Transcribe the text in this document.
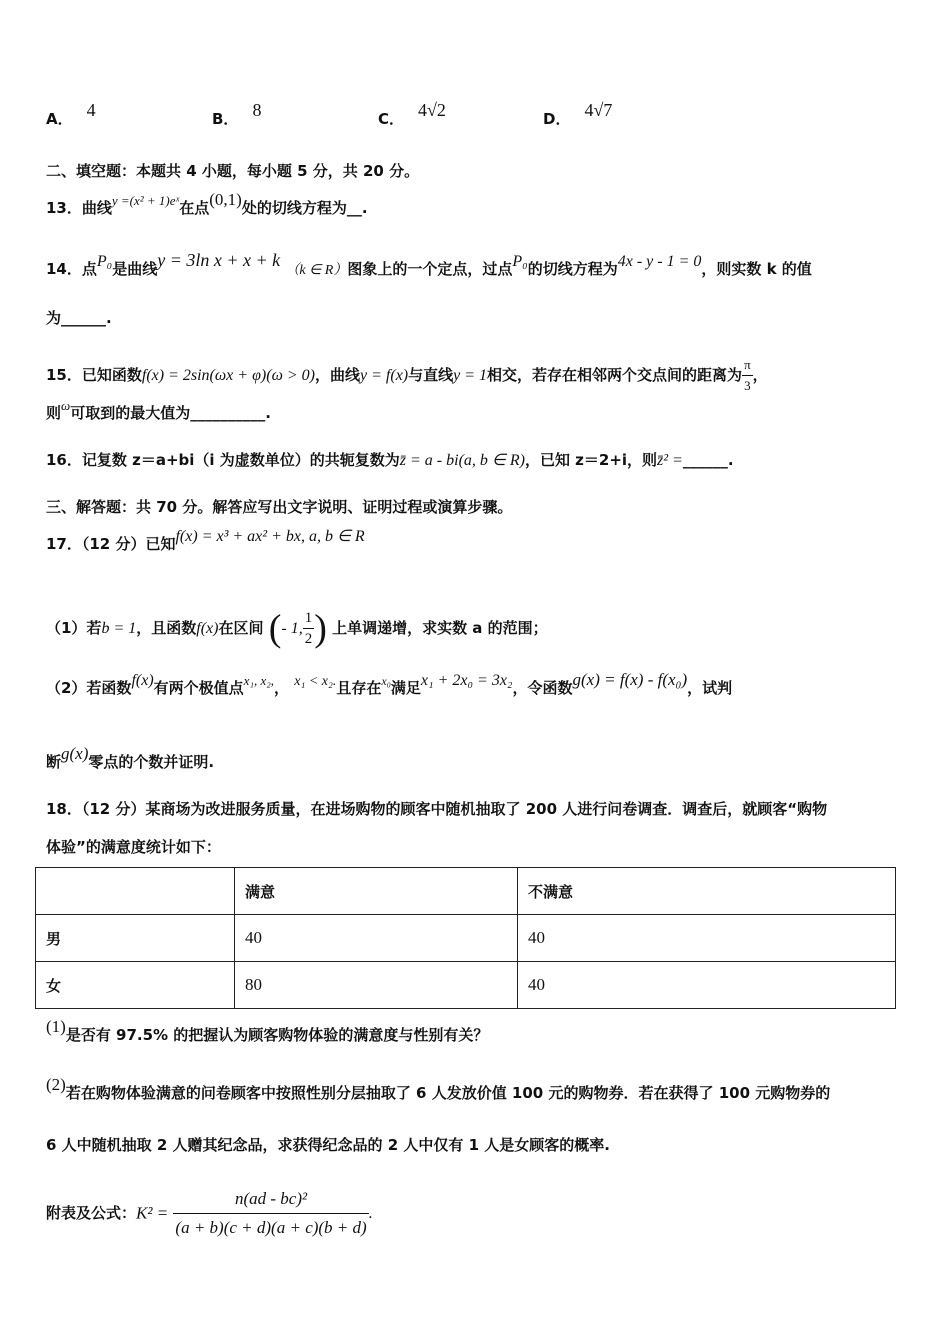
A． 4	B． 8	C． 4√2	D． 4√7
二、填空题：本题共 4 小题，每小题 5 分，共 20 分。
13．曲线y =(x² + 1)eˣ在点(0,1)处的切线方程为__.
14．点P₀是曲线y = 3ln x + x + k （k ∈ R）图象上的一个定点，过点P₀的切线方程为4x - y - 1 = 0，则实数 k 的值
为______.
15．已知函数f(x) = 2sin(ωx + φ)(ω > 0)，曲线y = f(x)与直线y = 1相交，若存在相邻两个交点间的距离为 $\frac{\pi}{3}$ ，
则ω可取到的最大值为__________.
16．记复数 z＝a+bi（i 为虚数单位）的共轭复数为z̄ = a - bi(a, b ∈ R)，已知 z＝2+i，则z̄² =______.
三、解答题：共 70 分。解答应写出文字说明、证明过程或演算步骤。
17．（12 分）已知f(x) = x³ + ax² + bx, a, b ∈ R
（1）若b = 1，且函数f(x)在区间 (- 1, $\frac{1}{2}$ ) 上单调递增，求实数 a 的范围；
（2）若函数f(x)有两个极值点x₁, x₂,， x₁ < x₂.且存在$^{x_0}$满足x₁ + 2x₀ = 3x₂，令函数g(x) = f(x) - f(x₀)，试判
断g(x)零点的个数并证明.
18．（12 分）某商场为改进服务质量，在进场购物的顾客中随机抽取了 200 人进行问卷调查．调查后，就顾客“购物
体验”的满意度统计如下：
	满意	不满意
男	40	40
女	80	40
(1)是否有 97.5% 的把握认为顾客购物体验的满意度与性别有关？
(2)若在购物体验满意的问卷顾客中按照性别分层抽取了 6 人发放价值 100 元的购物券．若在获得了 100 元购物券的
6 人中随机抽取 2 人赠其纪念品，求获得纪念品的 2 人中仅有 1 人是女顾客的概率.
附表及公式：$K^2 = \frac{\text{n(ad - bc)²}}{(a + b)(c + d)(a + c)(b + d)}$ .
